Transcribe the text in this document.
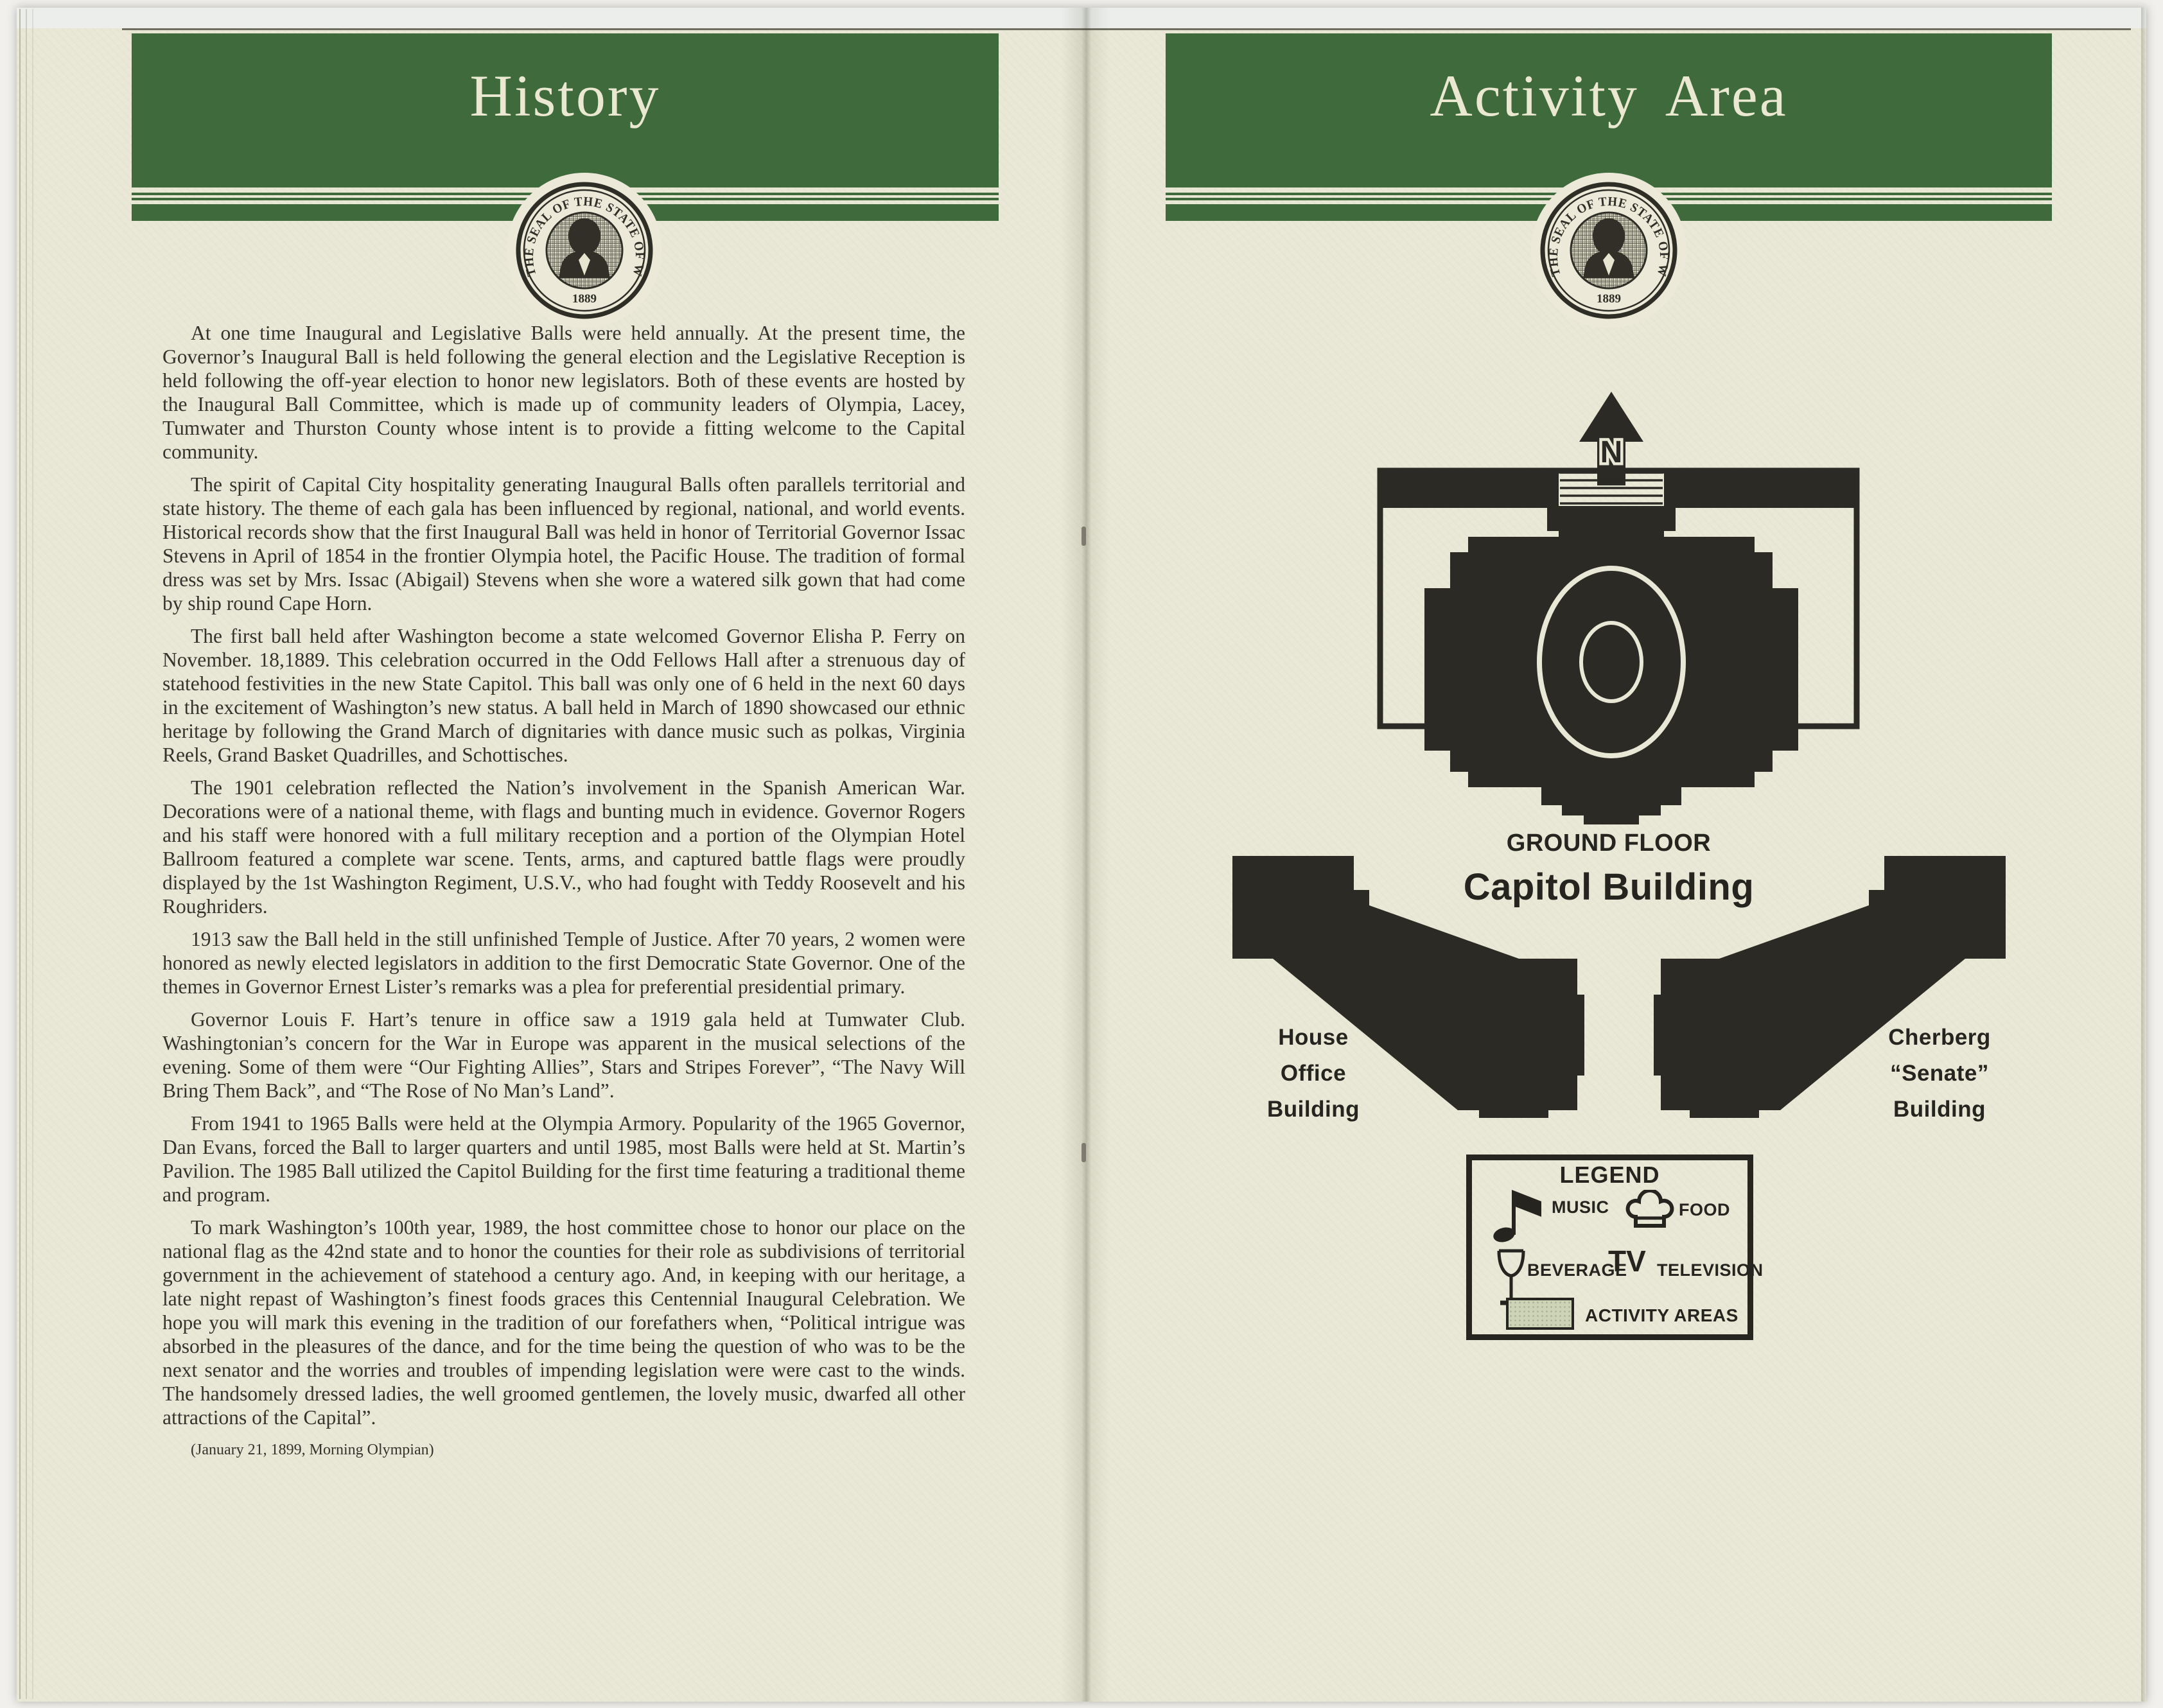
History

At one time Inaugural and Legislative Balls were held annually. At the present time, the Governor’s Inaugural Ball is held following the general election and the Legislative Reception is held following the off-year election to honor new legislators. Both of these events are hosted by the Inaugural Ball Committee, which is made up of community leaders of Olympia, Lacey, Tumwater and Thurston County whose intent is to provide a fitting welcome to the Capital community.

The spirit of Capital City hospitality generating Inaugural Balls often parallels territorial and state history. The theme of each gala has been influenced by regional, national, and world events. Historical records show that the first Inaugural Ball was held in honor of Territorial Governor Issac Stevens in April of 1854 in the frontier Olympia hotel, the Pacific House. The tradition of formal dress was set by Mrs. Issac (Abigail) Stevens when she wore a watered silk gown that had come by ship round Cape Horn.

The first ball held after Washington become a state welcomed Governor Elisha P. Ferry on November. 18,1889. This celebration occurred in the Odd Fellows Hall after a strenuous day of statehood festivities in the new State Capitol. This ball was only one of 6 held in the next 60 days in the excitement of Washington’s new status. A ball held in March of 1890 showcased our ethnic heritage by following the Grand March of dignitaries with dance music such as polkas, Virginia Reels, Grand Basket Quadrilles, and Schottisches.

The 1901 celebration reflected the Nation’s involvement in the Spanish American War. Decorations were of a national theme, with flags and bunting much in evidence. Governor Rogers and his staff were honored with a full military reception and a portion of the Olympian Hotel Ballroom featured a complete war scene. Tents, arms, and captured battle flags were proudly displayed by the 1st Washington Regiment, U.S.V., who had fought with Teddy Roosevelt and his Roughriders.

1913 saw the Ball held in the still unfinished Temple of Justice. After 70 years, 2 women were honored as newly elected legislators in addition to the first Democratic State Governor. One of the themes in Governor Ernest Lister’s remarks was a plea for preferential presidential primary.

Governor Louis F. Hart’s tenure in office saw a 1919 gala held at Tumwater Club. Washingtonian’s concern for the War in Europe was apparent in the musical selections of the evening. Some of them were “Our Fighting Allies”, Stars and Stripes Forever”, “The Navy Will Bring Them Back”, and “The Rose of No Man’s Land”.

From 1941 to 1965 Balls were held at the Olympia Armory. Popularity of the 1965 Governor, Dan Evans, forced the Ball to larger quarters and until 1985, most Balls were held at St. Martin’s Pavilion. The 1985 Ball utilized the Capitol Building for the first time featuring a traditional theme and program.

To mark Washington’s 100th year, 1989, the host committee chose to honor our place on the national flag as the 42nd state and to honor the counties for their role as subdivisions of territorial government in the achievement of statehood a century ago. And, in keeping with our heritage, a late night repast of Washington’s finest foods graces this Centennial Inaugural Celebration. We hope you will mark this evening in the tradition of our forefathers when, “Political intrigue was absorbed in the pleasures of the dance, and for the time being the question of who was to be the next senator and the worries and troubles of impending legislation were were cast to the winds. The handsomely dressed ladies, the well groomed gentlemen, the lovely music, dwarfed all other attractions of the Capital”.

(January 21, 1899, Morning Olympian)

Activity Area
N
GROUND FLOOR
Capitol Building
House
Office
Building
Cherberg
“Senate”
Building
LEGEND
MUSIC	FOOD
BEVERAGE
TV TELEVISION
ACTIVITY AREAS
